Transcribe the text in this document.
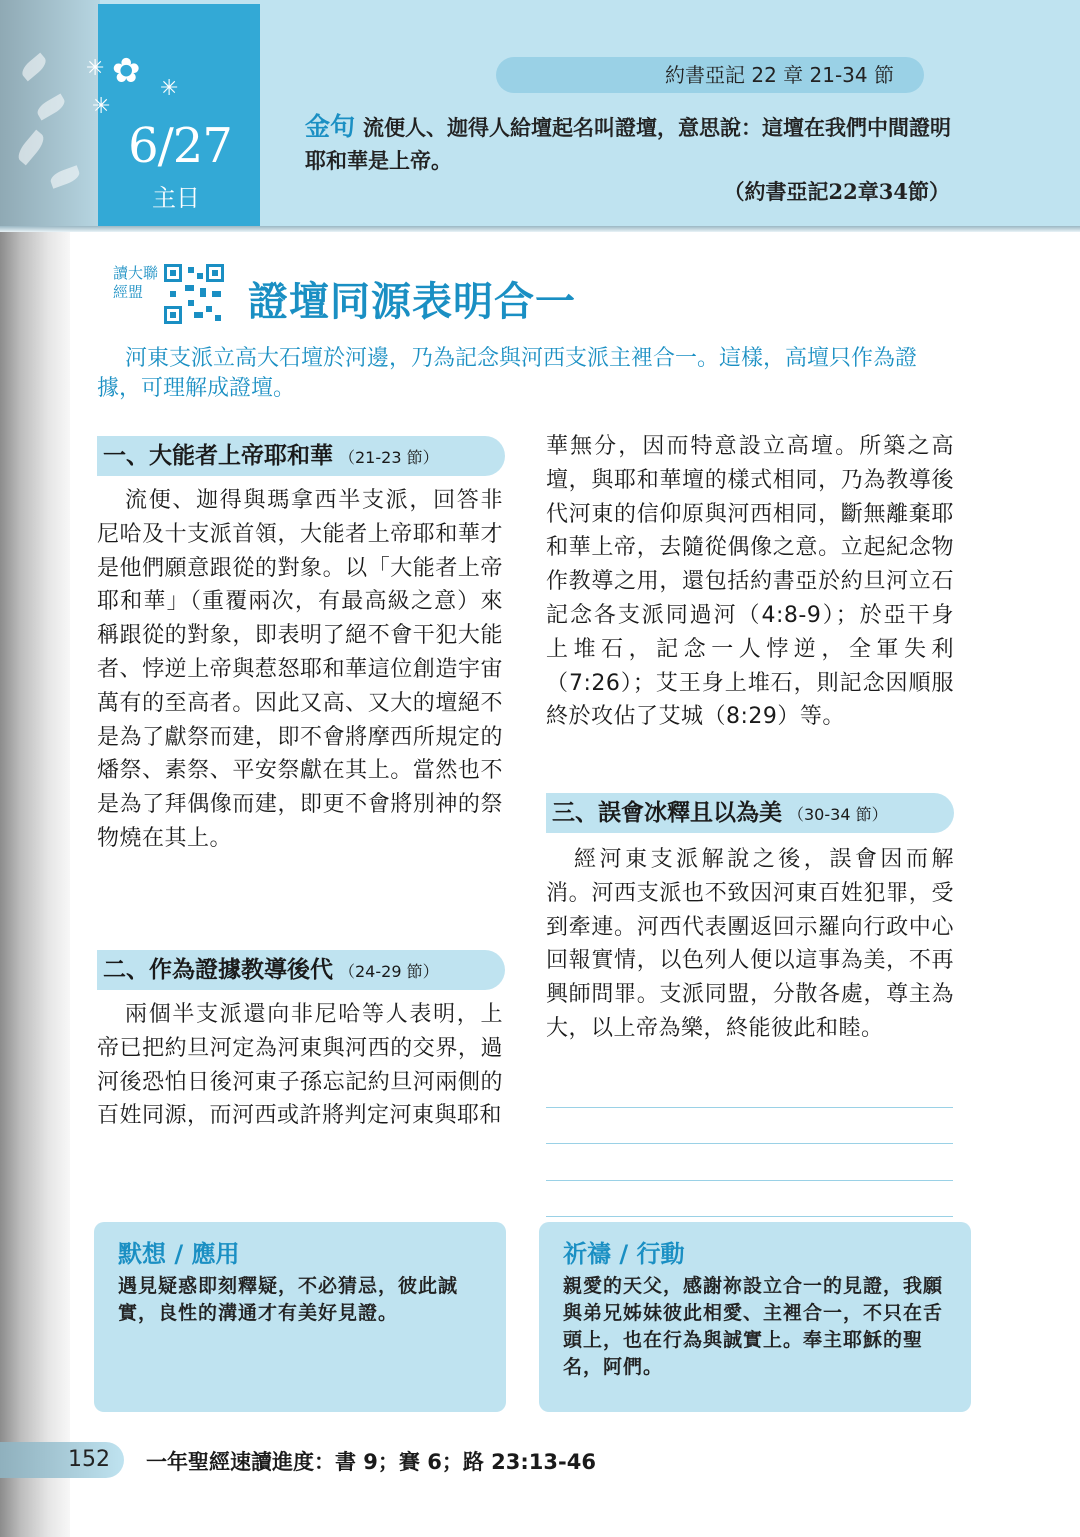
✿
✳
✳
✳
6/27
主日
約書亞記 22 章 21-34 節
金句 流便人、迦得人給壇起名叫證壇，意思說：這壇在我們中間證明耶和華是上帝。
（約書亞記22章34節）
讀大聯經盟	證壇同源表明合一
河東支派立高大石壇於河邊，乃為記念與河西支派主裡合一。這樣，高壇只作為證據，可理解成證壇。
一、大能者上帝耶和華 （21-23 節）
流便、迦得與瑪拿西半支派，回答非尼哈及十支派首領，大能者上帝耶和華才是他們願意跟從的對象。以「大能者上帝耶和華」（重覆兩次，有最高級之意）來稱跟從的對象，即表明了絕不會干犯大能者、悖逆上帝與惹怒耶和華這位創造宇宙萬有的至高者。因此又高、又大的壇絕不是為了獻祭而建，即不會將摩西所規定的燔祭、素祭、平安祭獻在其上。當然也不是為了拜偶像而建，即更不會將別神的祭物燒在其上。
二、作為證據教導後代 （24-29 節）
兩個半支派還向非尼哈等人表明，上帝已把約旦河定為河東與河西的交界，過河後恐怕日後河東子孫忘記約旦河兩側的百姓同源，而河西或許將判定河東與耶和
華無分，因而特意設立高壇。所築之高壇，與耶和華壇的樣式相同，乃為教導後代河東的信仰原與河西相同，斷無離棄耶和華上帝，去隨從偶像之意。立起紀念物作教導之用，還包括約書亞於約旦河立石記念各支派同過河（4:8-9）；於亞干身上堆石，記念一人悖逆，全軍失利（7:26）；艾王身上堆石，則記念因順服終於攻佔了艾城（8:29）等。
三、誤會冰釋且以為美 （30-34 節）
經河東支派解說之後，誤會因而解消。河西支派也不致因河東百姓犯罪，受到牽連。河西代表團返回示羅向行政中心回報實情，以色列人便以這事為美，不再興師問罪。支派同盟，分散各處，尊主為大，以上帝為樂，終能彼此和睦。
默想 / 應用
遇見疑惑即刻釋疑，不必猜忌，彼此誠實，良性的溝通才有美好見證。
祈禱 / 行動
親愛的天父，感謝祢設立合一的見證，我願與弟兄姊妹彼此相愛、主裡合一，不只在舌頭上，也在行為與誠實上。奉主耶穌的聖名，阿們。
152	一年聖經速讀進度：書 9；賽 6；路 23:13-46
